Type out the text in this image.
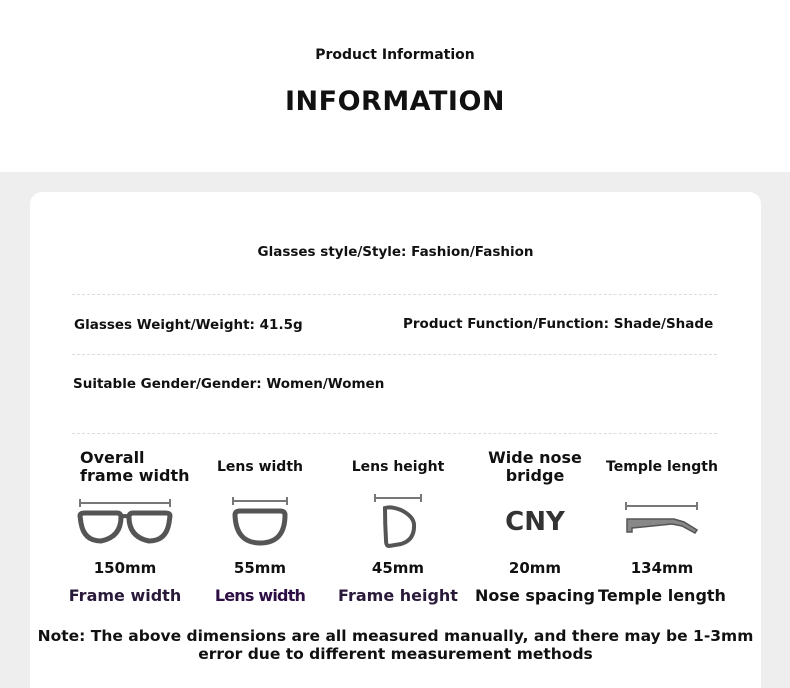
Product Information
INFORMATION
Glasses style/Style: Fashion/Fashion
Glasses Weight/Weight: 41.5g	Product Function/Function: Shade/Shade
Suitable Gender/Gender: Women/Women
Overall frame width
150mm
Frame width
Lens width
55mm
Lens width
Lens height
45mm
Frame height
Wide nose bridge
CNY
20mm
Nose spacing
Temple length
134mm
Temple length
Note: The above dimensions are all measured manually, and there may be 1-3mm error due to different measurement methods
